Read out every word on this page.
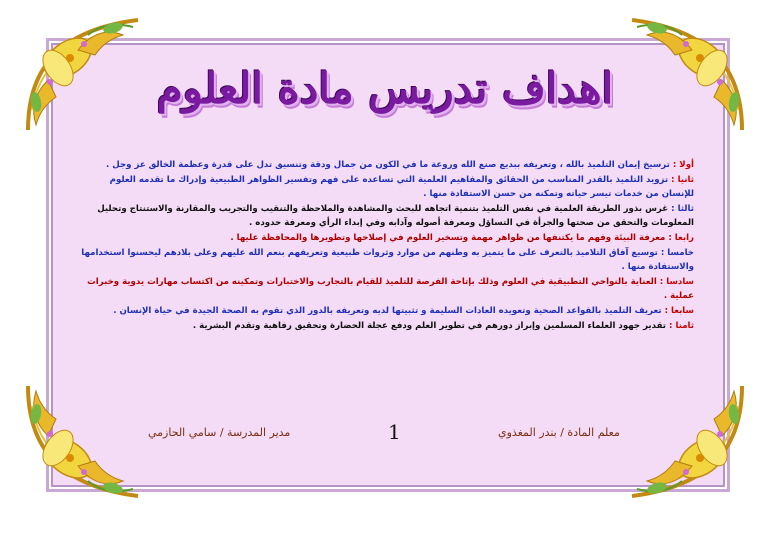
اهداف تدريس مادة العلوم

أولا : ترسيخ إيمان التلميذ بالله ، وتعريفه ببديع صنع الله وروعة ما في الكون من جمال ودقة وتنسيق تدل على قدرة وعظمة الخالق عز وجل .

ثانيا : تزويد التلميذ بالقدر المناسب من الحقائق والمفاهيم العلمية التي تساعده على فهم وتفسير الظواهر الطبيعية وإدراك ما تقدمه العلوم للإنسان من خدمات تيسر حياته وتمكنه من حسن الاستفادة منها .

ثالثا : غرس بذور الطريقة العلمية في نفس التلميذ بتنمية اتجاهه للبحث والمشاهدة والملاحظة والتنقيب والتجريب والمقارنة والاستنتاج وتحليل المعلومات والتحقق من صحتها والجرأة في التساؤل ومعرفة أصوله وآدابه وفي إبداء الرأي ومعرفة حدوده .

رابعا : معرفة البيئة وفهم ما يكتنفها من ظواهر مهمة وتسخير العلوم في إصلاحها وتطويرها والمحافظة عليها .

خامسا : توسيع آفاق التلاميذ بالتعرف على ما يتميز به وطنهم من موارد وثروات طبيعية وتعريفهم بنعم الله عليهم وعلى بلادهم ليحسنوا استخدامها والاستفادة منها .

سادسا : العناية بالنواحي التطبيقية في العلوم وذلك بإتاحة الفرصة للتلميذ للقيام بالتجارب والاختبارات وتمكينه من اكتساب مهارات يدوية وخبرات عملية .

سابعا : تعريف التلميذ بالقواعد الصحية وتعويده العادات السليمة و تثبيتها لديه وتعريفه بالدور الذي تقوم به الصحة الجيدة في حياة الإنسان .

ثامنا : تقدير جهود العلماء المسلمين وإبراز دورهم في تطوير العلم ودفع عجلة الحضارة وتحقيق رفاهية وتقدم البشرية .

مدير المدرسة / سامي الحازمي	1	معلم المادة / بندر المغذوي
